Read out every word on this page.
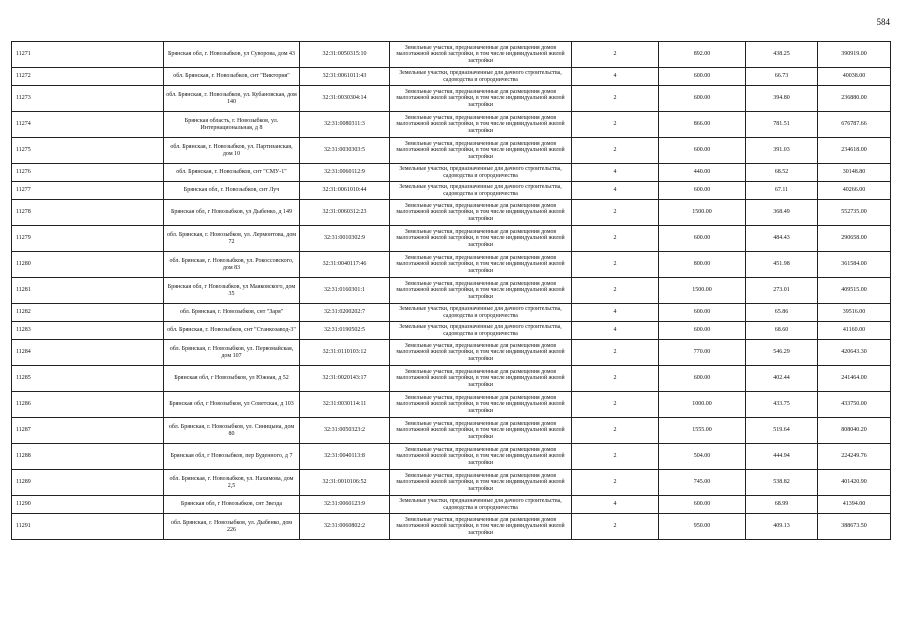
584
11271	Брянская обл, г. Новозыбков, ул Суворова, дом 43	32:31:0050315:10	Земельные участки, предназначенные для размещения домов малоэтажной жилой застройки, в том числе индивидуальной жилой застройки	2	892.00	438.25	390919.00
11272	обл. Брянская, г. Новозыбков, снт "Виктория"	32:31:0061011:43	Земельные участки, предназначенные для дачного строительства, садоводства и огородничества	4	600.00	66.73	40038.00
11273	обл. Брянская, г. Новозыбков, ул. Кубановская, дом 140	32:31:0030304:14	Земельные участки, предназначенные для размещения домов малоэтажной жилой застройки, в том числе индивидуальной жилой застройки	2	600.00	394.80	236880.00
11274	Брянская область, г. Новозыбков, ул. Интернациональная, д 8	32:31:0080311:3	Земельные участки, предназначенные для размещения домов малоэтажной жилой застройки, в том числе индивидуальной жилой застройки	2	866.00	781.51	676787.66
11275	обл. Брянская, г. Новозыбков, ул. Партизанская, дом 10	32:31:0030303:5	Земельные участки, предназначенные для размещения домов малоэтажной жилой застройки, в том числе индивидуальной жилой застройки	2	600.00	391.03	234618.00
11276	обл. Брянская, г. Новозыбков, снт "СМУ-1"	32:31:0060112:9	Земельные участки, предназначенные для дачного строительства, садоводства и огородничества	4	440.00	68.52	30148.80
11277	Брянская обл, г. Новозыбков, снт Луч	32:31:0061010:44	Земельные участки, предназначенные для дачного строительства, садоводства и огородничества	4	600.00	67.11	40266.00
11278	Брянская обл, г Новозыбков, ул Дыбенко, д 149	32:31:0060312:23	Земельные участки, предназначенные для размещения домов малоэтажной жилой застройки, в том числе индивидуальной жилой застройки	2	1500.00	368.49	552735.00
11279	обл. Брянская, г. Новозыбков, ул. Лермонтова, дом 72	32:31:0010302:9	Земельные участки, предназначенные для размещения домов малоэтажной жилой застройки, в том числе индивидуальной жилой застройки	2	600.00	484.43	290658.00
11280	обл. Брянская, г. Новозыбков, ул. Рокоссовского, дом 83	32:31:0040117:46	Земельные участки, предназначенные для размещения домов малоэтажной жилой застройки, в том числе индивидуальной жилой застройки	2	800.00	451.98	361584.00
11281	Брянская обл, г Новозыбков, ул Маяковского, дом 35	32:31:0160301:1	Земельные участки, предназначенные для размещения домов малоэтажной жилой застройки, в том числе индивидуальной жилой застройки	2	1500.00	273.01	409515.00
11282	обл. Брянская, г. Новозыбков, снт "Заря"	32:31:0200202:7	Земельные участки, предназначенные для дачного строительства, садоводства и огородничества	4	600.00	65.86	39516.00
11283	обл. Брянская, г. Новозыбков, снт "Станкозавод-3"	32:31:0190502:5	Земельные участки, предназначенные для дачного строительства, садоводства и огородничества	4	600.00	68.60	41160.00
11284	обл. Брянская, г. Новозыбков, ул. Первомайская, дом 107	32:31:0110103:12	Земельные участки, предназначенные для размещения домов малоэтажной жилой застройки, в том числе индивидуальной жилой застройки	2	770.00	546.29	420643.30
11285	Брянская обл, г Новозыбков, ул Южная, д 52	32:31:0020143:17	Земельные участки, предназначенные для размещения домов малоэтажной жилой застройки, в том числе индивидуальной жилой застройки	2	600.00	402.44	241464.00
11286	Брянская обл, г Новозыбков, ул Советская, д 103	32:31:0030114:11	Земельные участки, предназначенные для размещения домов малоэтажной жилой застройки, в том числе индивидуальной жилой застройки	2	1000.00	433.75	433750.00
11287	обл. Брянская, г. Новозыбков, ул. Синицына, дом 80	32:31:0050323:2	Земельные участки, предназначенные для размещения домов малоэтажной жилой застройки, в том числе индивидуальной жилой застройки	2	1555.00	519.64	808040.20
11288	Брянская обл, г Новозыбков, пер Буденного, д 7	32:31:0040113:8	Земельные участки, предназначенные для размещения домов малоэтажной жилой застройки, в том числе индивидуальной жилой застройки	2	504.00	444.94	224249.76
11289	обл. Брянская, г. Новозыбков, ул. Нахимова, дом 2,5	32:31:0010106:52	Земельные участки, предназначенные для размещения домов малоэтажной жилой застройки, в том числе индивидуальной жилой застройки	2	745.00	538.82	401420.90
11290	Брянская обл, г Новозыбков, снт Звезда	32:31:0060123:9	Земельные участки, предназначенные для дачного строительства, садоводства и огородничества	4	600.00	68.99	41394.00
11291	обл. Брянская, г. Новозыбков, ул. Дыбенко, дом 226	32:31:0060802:2	Земельные участки, предназначенные для размещения домов малоэтажной жилой застройки, в том числе индивидуальной жилой застройки	2	950.00	409.13	388673.50
